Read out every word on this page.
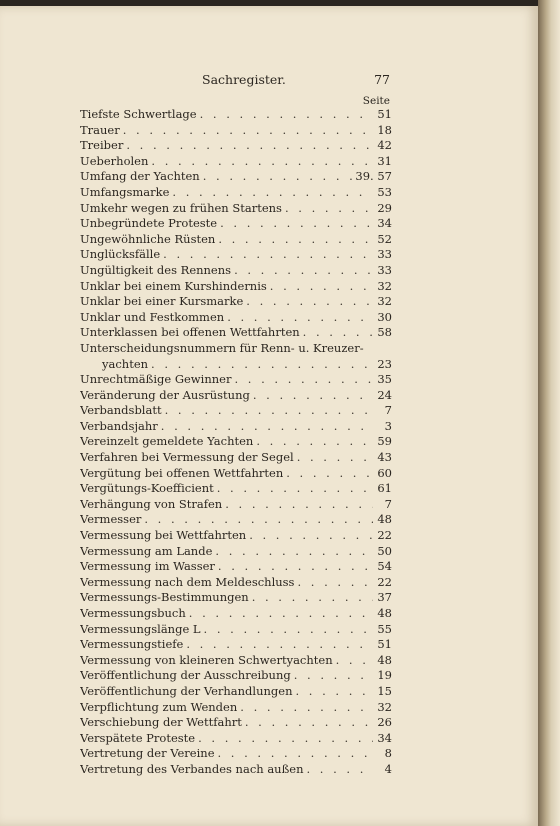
Sachregister.	77
Seite
Tiefste Schwertlage . . .	51
Trauer . . .	18
Treiber . . .	42
Ueberholen . . .	31
Umfang der Yachten . . .	39. 57
Umfangsmarke . . .	53
Umkehr wegen zu frühen Startens . . .	29
Unbegründete Proteste . . .	34
Ungewöhnliche Rüsten . . .	52
Unglücksfälle . . .	33
Ungültigkeit des Rennens . . .	33
Unklar bei einem Kurshindernis . . .	32
Unklar bei einer Kursmarke . . .	32
Unklar und Festkommen . . .	30
Unterklassen bei offenen Wettfahrten . . .	58
Unterscheidungsnummern für Renn- u. Kreuzer-
yachten . . .	23
Unrechtmäßige Gewinner . . .	35
Veränderung der Ausrüstung . . .	24
Verbandsblatt . . .	7
Verbandsjahr . . .	3
Vereinzelt gemeldete Yachten . . .	59
Verfahren bei Vermessung der Segel . . .	43
Vergütung bei offenen Wettfahrten . . .	60
Vergütungs-Koefficient . . .	61
Verhängung von Strafen . . .	7
Vermesser . . .	48
Vermessung bei Wettfahrten . . .	22
Vermessung am Lande . . .	50
Vermessung im Wasser . . .	54
Vermessung nach dem Meldeschluss . . .	22
Vermessungs-Bestimmungen . . .	37
Vermessungsbuch . . .	48
Vermessungslänge L . . .	55
Vermessungstiefe . . .	51
Vermessung von kleineren Schwertyachten . . .	48
Veröffentlichung der Ausschreibung . . .	19
Veröffentlichung der Verhandlungen . . .	15
Verpflichtung zum Wenden . . .	32
Verschiebung der Wettfahrt . . .	26
Verspätete Proteste . . .	34
Vertretung der Vereine . . .	8
Vertretung des Verbandes nach außen . . .	4
